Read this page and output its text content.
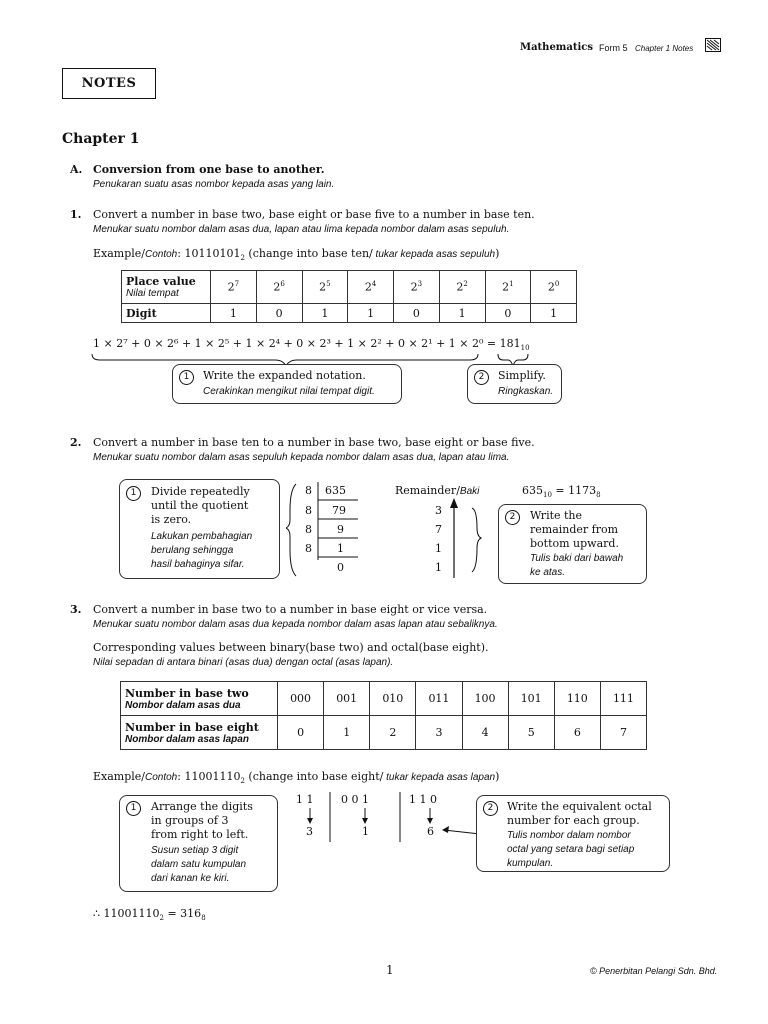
Mathematics Form 5 Chapter 1 Notes
NOTES
Chapter 1
A. Conversion from one base to another.
Penukaran suatu asas nombor kepada asas yang lain.
1. Convert a number in base two, base eight or base five to a number in base ten.
Menukar suatu nombor dalam asas dua, lapan atau lima kepada nombor dalam asas sepuluh.
Example/Contoh: $10110101_2$ (change into base ten/ tukar kepada asas sepuluh)
Place value
Nilai tempat	$2^7$	$2^6$	$2^5$	$2^4$	$2^3$	$2^2$	$2^1$	$2^0$
Digit	1	0	1	1	0	1	0	1
$1 \times 2^7 + 0 \times 2^6 + 1 \times 2^5 + 1 \times 2^4 + 0 \times 2^3 + 1 \times 2^2 + 0 \times 2^1 + 1 \times 2^0 = 181_{10}$
1	Write the expanded notation.
Cerakinkan mengikut nilai tempat digit.
2	Simplify.
Ringkaskan.
2. Convert a number in base ten to a number in base two, base eight or base five.
Menukar suatu nombor dalam asas sepuluh kepada nombor dalam asas dua, lapan atau lima.
1	Divide repeatedly
until the quotient
is zero.
Lakukan pembahagian
berulang sehingga
hasil bahaginya sifar.
8
8
8
8
635
79
9
1
0
Remainder/Baki
3
7
1
1
$635_{10} = 1173_8$
2	Write the
remainder from
bottom upward.
Tulis baki dari bawah
ke atas.
3. Convert a number in base two to a number in base eight or vice versa.
Menukar suatu nombor dalam asas dua kepada nombor dalam asas lapan atau sebaliknya.
Corresponding values between binary(base two) and octal(base eight).
Nilai sepadan di antara binari (asas dua) dengan octal (asas lapan).
Number in base two
Nombor dalam asas dua	000	001	010	011	100	101	110	111

Number in base eight
Nombor dalam asas lapan	0	1	2	3	4	5	6	7
Example/Contoh: $11001110_2$ (change into base eight/ tukar kepada asas lapan)
1	Arrange the digits
in groups of 3
from right to left.
Susun setiap 3 digit
dalam satu kumpulan
dari kanan ke kiri.
1 1	0 0 1	1 1 0
3	1	6
2	Write the equivalent octal
number for each group.
Tulis nombor dalam nombor
octal yang setara bagi setiap
kumpulan.
∴ $11001110_2 = 316_8$
1	© Penerbitan Pelangi Sdn. Bhd.
